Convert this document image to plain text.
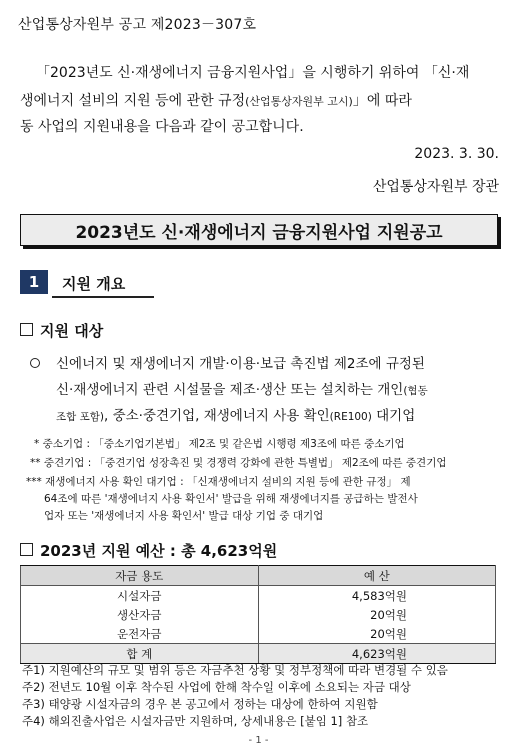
산업통상자원부 공고 제2023－307호
「2023년도 신·재생에너지 금융지원사업」을 시행하기 위하여 「신·재
생에너지 설비의 지원 등에 관한 규정(산업통상자원부 고시)」에 따라
동 사업의 지원내용을 다음과 같이 공고합니다.
2023. 3. 30.
산업통상자원부 장관
2023년도 신·재생에너지 금융지원사업 지원공고
1	지원 개요
지원 대상
신에너지 및 재생에너지 개발·이용·보급 촉진법 제2조에 규정된
신·재생에너지 관련 시설물을 제조·생산 또는 설치하는 개인(협동
조합 포함), 중소·중견기업, 재생에너지 사용 확인(RE100) 대기업
* 중소기업 : 「중소기업기본법」 제2조 및 같은법 시행령 제3조에 따른 중소기업
** 중견기업 : 「중견기업 성장촉진 및 경쟁력 강화에 관한 특별법」 제2조에 따른 중견기업
*** 재생에너지 사용 확인 대기업 : 「신재생에너지 설비의 지원 등에 관한 규정」 제
64조에 따른 '재생에너지 사용 확인서' 발급을 위해 재생에너지를 공급하는 발전사
업자 또는 '재생에너지 사용 확인서' 발급 대상 기업 중 대기업
2023년 지원 예산 : 총 4,623억원
자금 용도	예 산
시설자금	4,583억원
생산자금	20억원
운전자금	20억원
합 계	4,623억원
주1) 지원예산의 규모 및 범위 등은 자금추천 상황 및 정부정책에 따라 변경될 수 있음
주2) 전년도 10월 이후 착수된 사업에 한해 착수일 이후에 소요되는 자금 대상
주3) 태양광 시설자금의 경우 본 공고에서 정하는 대상에 한하여 지원함
주4) 해외진출사업은 시설자금만 지원하며, 상세내용은 [붙임 1] 참조
- 1 -
